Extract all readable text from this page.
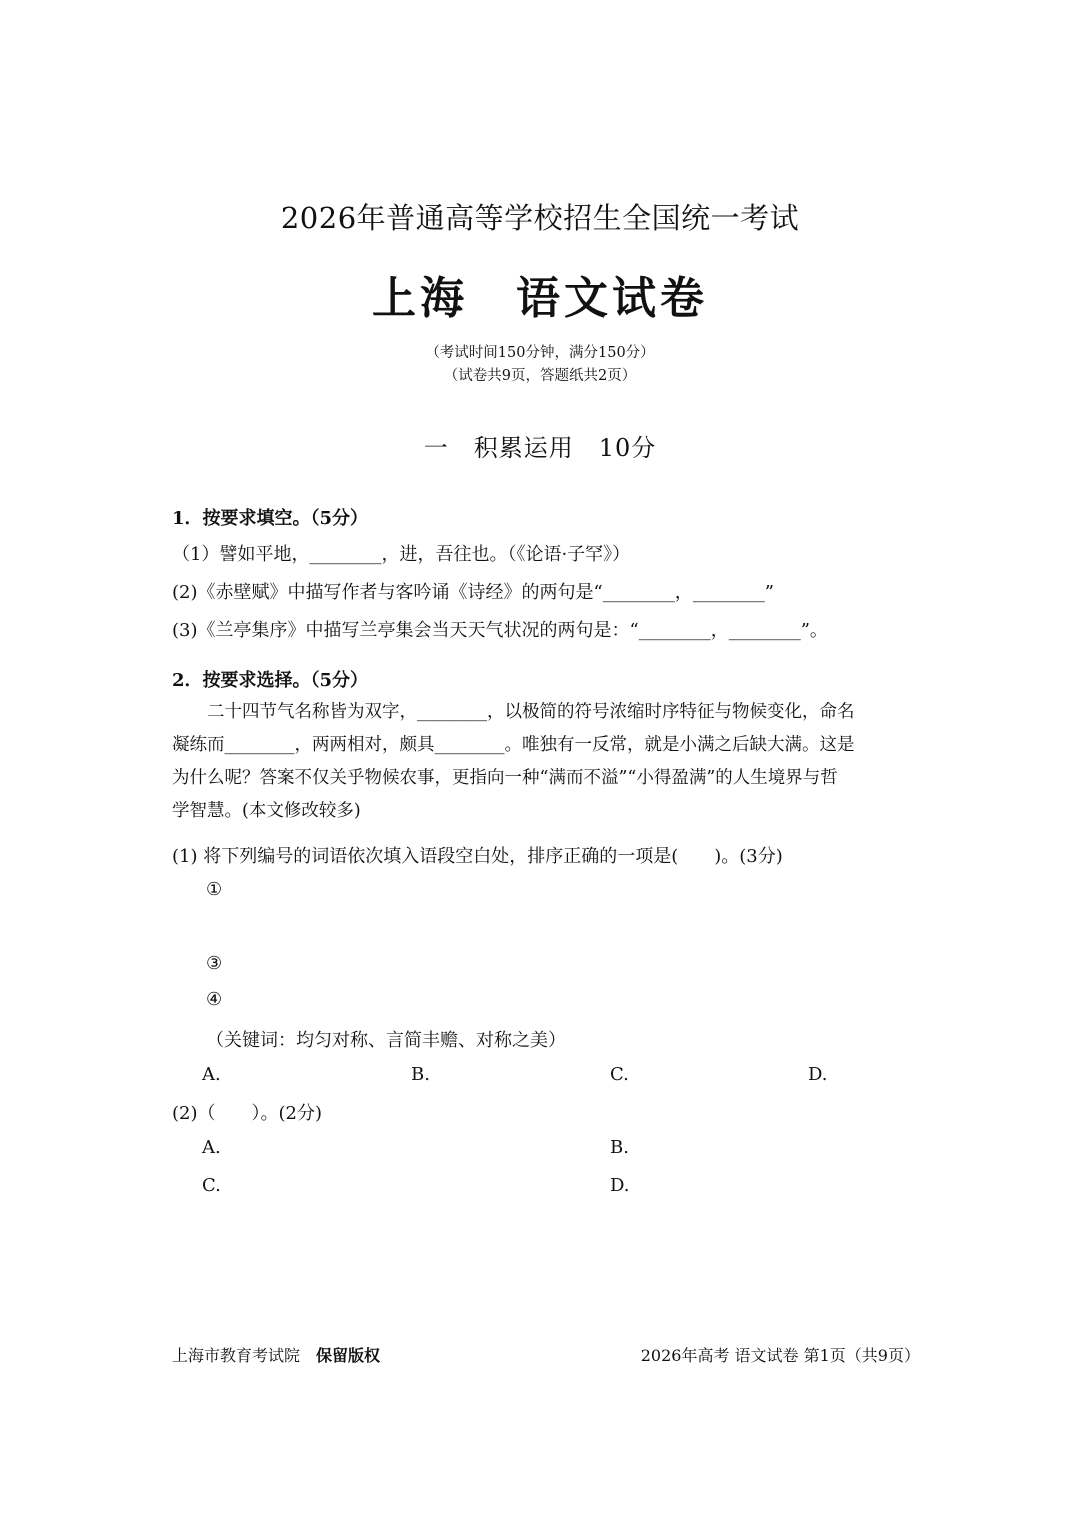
2026年普通高等学校招生全国统一考试
上海　语文试卷
（考试时间150分钟，满分150分）
（试卷共9页，答题纸共2页）
一　积累运用　10分
1．按要求填空。（5分）
（1）譬如平地，________，进，吾往也。（《论语·子罕》）
(2)《赤壁赋》中描写作者与客吟诵《诗经》的两句是“________，________”
(3)《兰亭集序》中描写兰亭集会当天天气状况的两句是：“________，________”。
2．按要求选择。（5分）

二十四节气名称皆为双字，________，以极简的符号浓缩时序特征与物候变化，命名

凝练而________，两两相对，颇具________。唯独有一反常，就是小满之后缺大满。这是

为什么呢？答案不仅关乎物候农事，更指向一种“满而不溢”“小得盈满”的人生境界与哲

学智慧。(本文修改较多)

(1) 将下列编号的词语依次填入语段空白处，排序正确的一项是(　　)。(3分)
①
③
④
（关键词：均匀对称、言简丰赡、对称之美）
A.	B.	C.	D.
(2)（　　）。(2分)
A.	B.
C.	D.
上海市教育考试院　保留版权	2026年高考 语文试卷 第1页（共9页）
